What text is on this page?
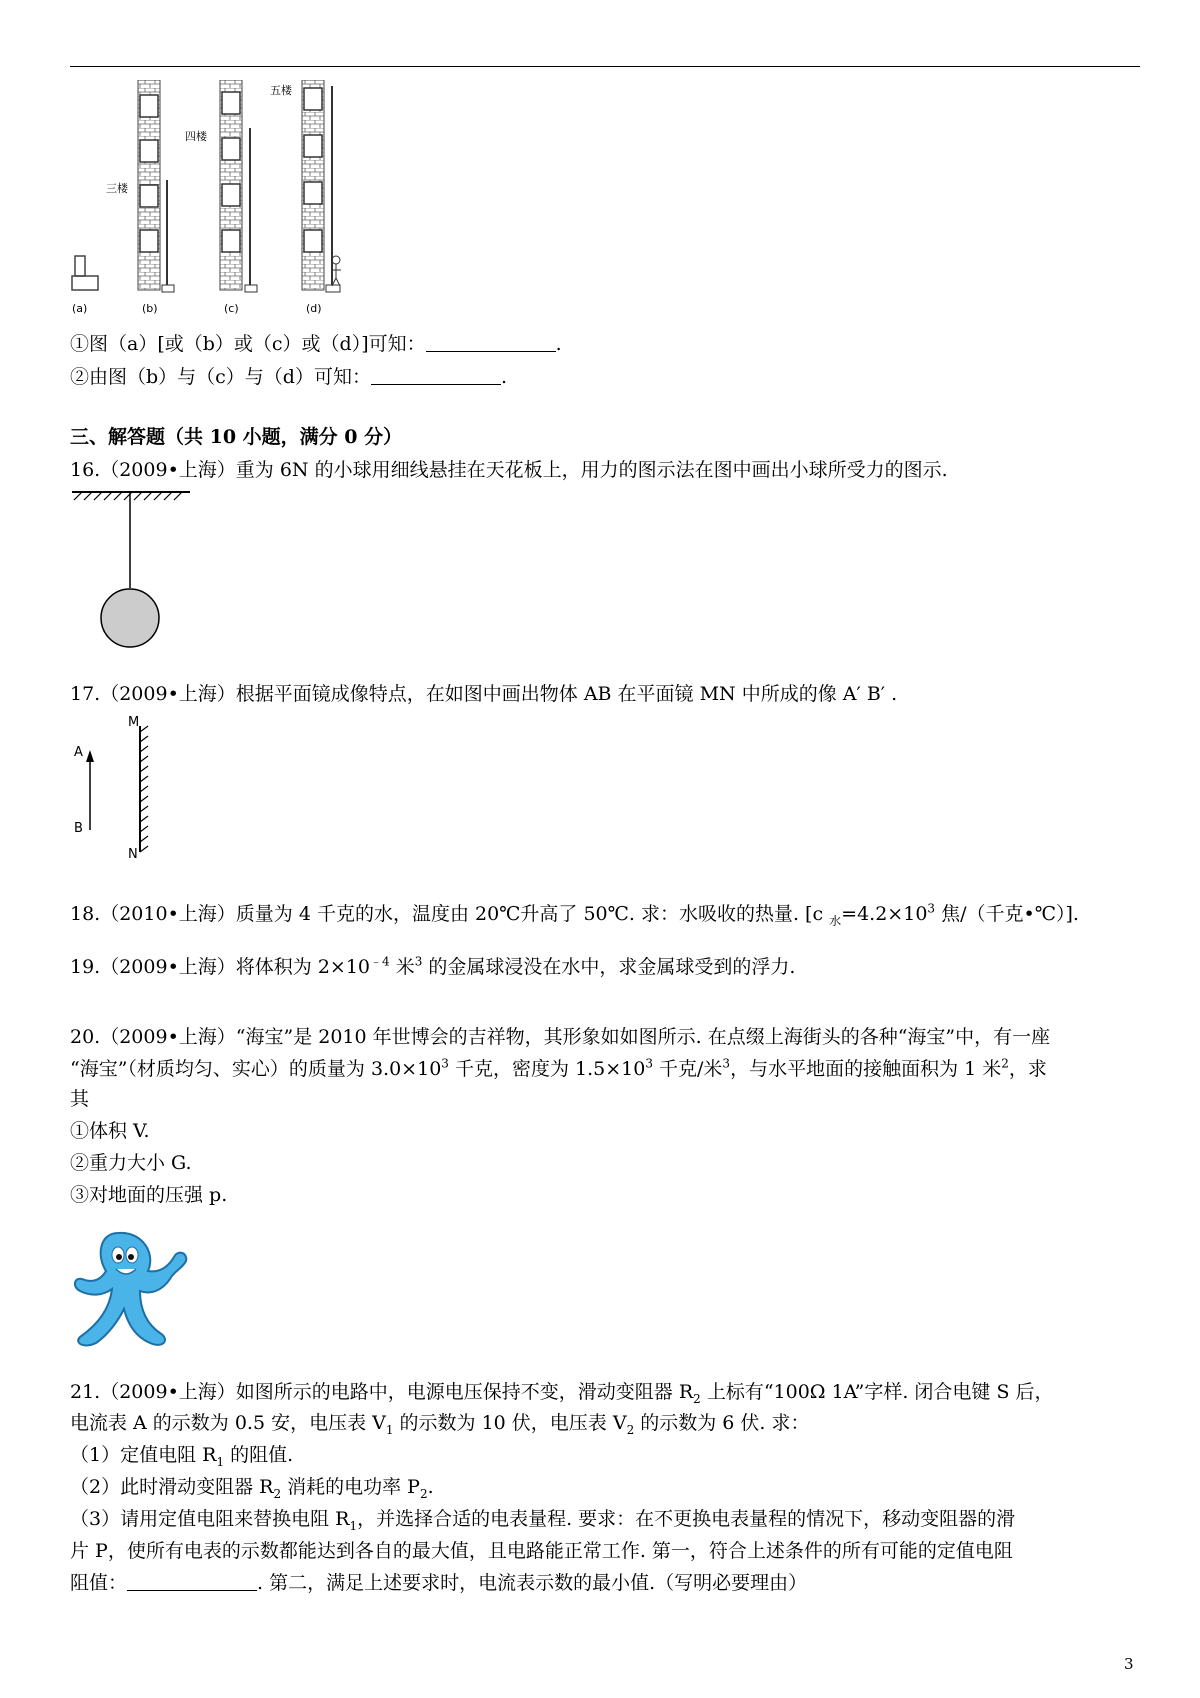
三楼
四楼
五楼
(a)	(b)	(c)	(d)
①图（a）[或（b）或（c）或（d）]可知：	.
②由图（b）与（c）与（d）可知：	.
三、解答题（共 10 小题，满分 0 分）
16.（2009•上海）重为 6N 的小球用细线悬挂在天花板上，用力的图示法在图中画出小球所受力的图示.
17.（2009•上海）根据平面镜成像特点，在如图中画出物体 AB 在平面镜 MN 中所成的像 A′ B′ .
M
A
B
N
18.（2010•上海）质量为 4 千克的水，温度由 20℃升高了 50℃. 求：水吸收的热量. [c $_水=4.2\times 10^3$ 焦/（千克•℃）].
19.（2009•上海）将体积为 $2\times 10^{﹣4}$ 米$^3$ 的金属球浸没在水中，求金属球受到的浮力.
20.（2009•上海）“海宝”是 2010 年世博会的吉祥物，其形象如如图所示. 在点缀上海街头的各种“海宝”中，有一座
“海宝”（材质均匀、实心）的质量为 $3.0\times 10^3$ 千克，密度为 $1.5\times 10^3$ 千克/米$^3$，与水平地面的接触面积为 1 米$^2$，求
其
①体积 V.
②重力大小 G.
③对地面的压强 p.
21.（2009•上海）如图所示的电路中，电源电压保持不变，滑动变阻器 $R_2$ 上标有“100Ω 1A”字样. 闭合电键 S 后，
电流表 A 的示数为 0.5 安，电压表 $V_1$ 的示数为 10 伏，电压表 $V_2$ 的示数为 6 伏. 求：
（1）定值电阻 $R_1$ 的阻值.
（2）此时滑动变阻器 $R_2$ 消耗的电功率 $P_2$.
（3）请用定值电阻来替换电阻 $R_1$，并选择合适的电表量程. 要求：在不更换电表量程的情况下，移动变阻器的滑
片 P，使所有电表的示数都能达到各自的最大值，且电路能正常工作. 第一，符合上述条件的所有可能的定值电阻
阻值：	. 第二，满足上述要求时，电流表示数的最小值.（写明必要理由）
3
